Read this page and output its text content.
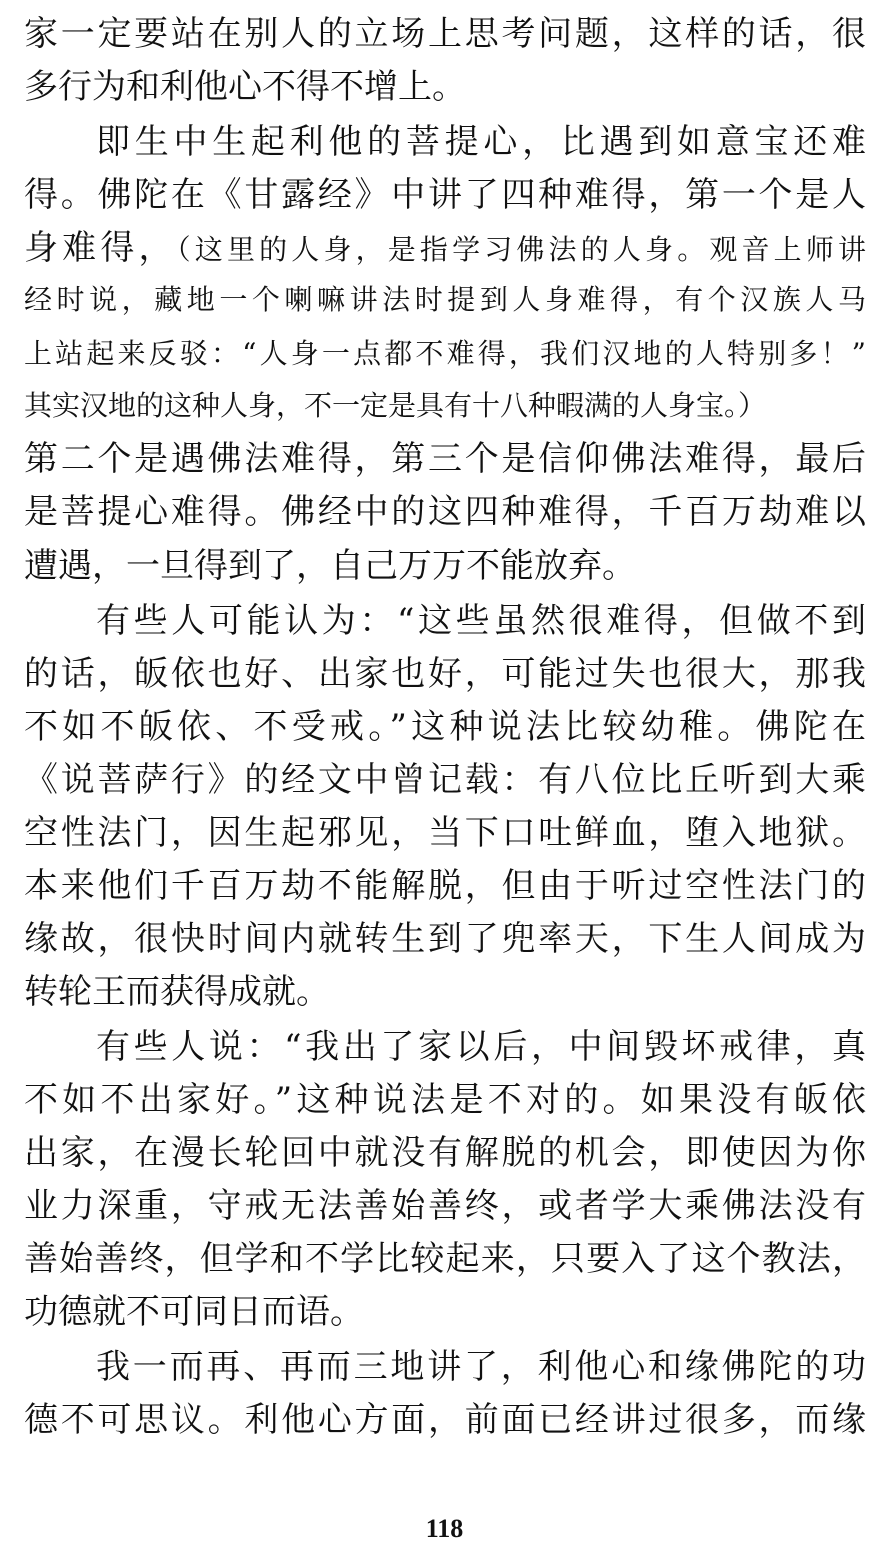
家一定要站在别人的立场上思考问题，这样的话，很
多行为和利他心不得不增上。
即生中生起利他的菩提心，比遇到如意宝还难
得。佛陀在《甘露经》中讲了四种难得，第一个是人
身难得，（这里的人身，是指学习佛法的人身。观音上师讲
经时说，藏地一个喇嘛讲法时提到人身难得，有个汉族人马
上站起来反驳：“人身一点都不难得，我们汉地的人特别多！”
其实汉地的这种人身，不一定是具有十八种暇满的人身宝。）
第二个是遇佛法难得，第三个是信仰佛法难得，最后
是菩提心难得。佛经中的这四种难得，千百万劫难以
遭遇，一旦得到了，自己万万不能放弃。
有些人可能认为：“这些虽然很难得，但做不到
的话，皈依也好、出家也好，可能过失也很大，那我
不如不皈依、不受戒。”这种说法比较幼稚。佛陀在
《说菩萨行》的经文中曾记载：有八位比丘听到大乘
空性法门，因生起邪见，当下口吐鲜血，堕入地狱。
本来他们千百万劫不能解脱，但由于听过空性法门的
缘故，很快时间内就转生到了兜率天，下生人间成为
转轮王而获得成就。
有些人说：“我出了家以后，中间毁坏戒律，真
不如不出家好。”这种说法是不对的。如果没有皈依
出家，在漫长轮回中就没有解脱的机会，即使因为你
业力深重，守戒无法善始善终，或者学大乘佛法没有
善始善终，但学和不学比较起来，只要入了这个教法，
功德就不可同日而语。
我一而再、再而三地讲了，利他心和缘佛陀的功
德不可思议。利他心方面，前面已经讲过很多，而缘
118
